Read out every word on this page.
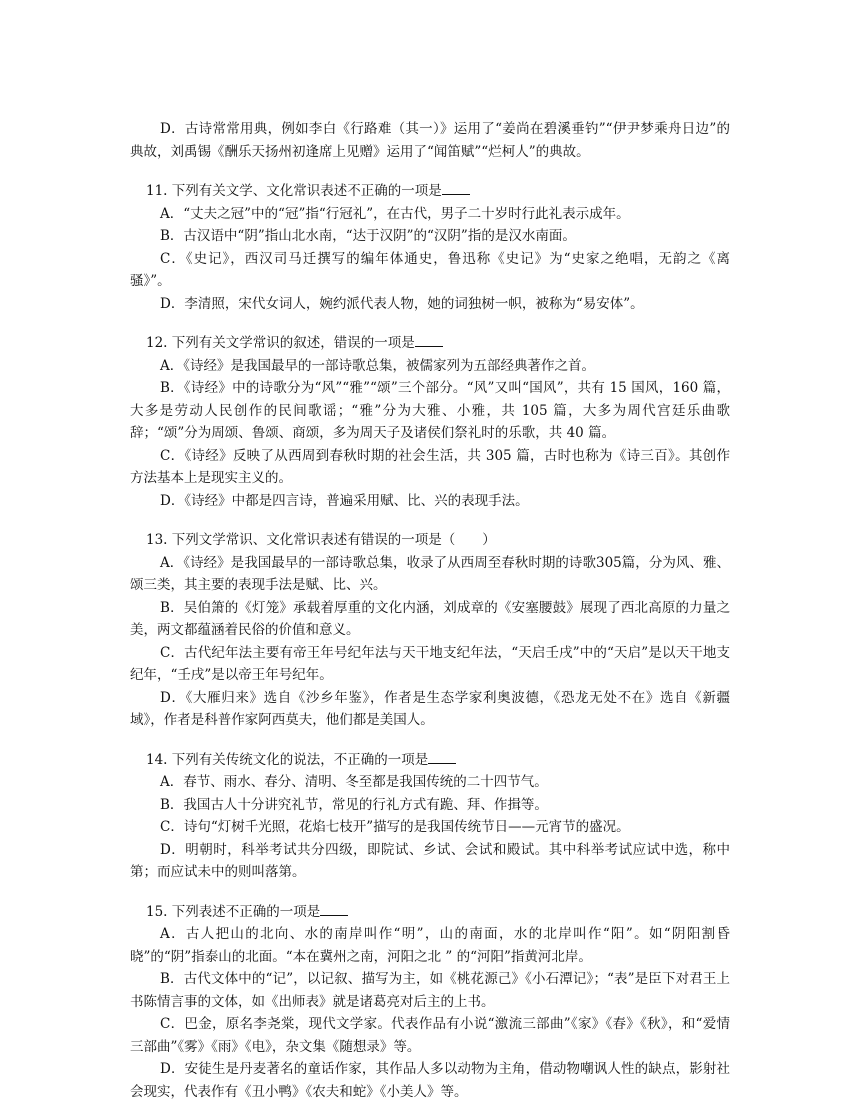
D．古诗常常用典，例如李白《行路难（其一）》运用了“姜尚在碧溪垂钓”“伊尹梦乘舟日边”的典故，刘禹锡《酬乐天扬州初逢席上见赠》运用了“闻笛赋”“烂柯人”的典故。

11. 下列有关文学、文化常识表述不正确的一项是

A．“丈夫之冠”中的“冠”指“行冠礼”，在古代，男子二十岁时行此礼表示成年。

B．古汉语中“阴”指山北水南，“达于汉阴”的“汉阴”指的是汉水南面。

C．《史记》，西汉司马迁撰写的编年体通史，鲁迅称《史记》为“史家之绝唱，无韵之《离骚》”。

D．李清照，宋代女词人，婉约派代表人物，她的词独树一帜，被称为“易安体”。

12. 下列有关文学常识的叙述，错误的一项是

A．《诗经》是我国最早的一部诗歌总集，被儒家列为五部经典著作之首。

B．《诗经》中的诗歌分为“风”“雅”“颂”三个部分。“风”又叫“国风”，共有 15 国风，160 篇，大多是劳动人民创作的民间歌谣；“雅”分为大雅、小雅，共 105 篇，大多为周代宫廷乐曲歌辞；“颂”分为周颂、鲁颂、商颂，多为周天子及诸侯们祭礼时的乐歌，共 40 篇。

C．《诗经》反映了从西周到春秋时期的社会生活，共 305 篇，古时也称为《诗三百》。其创作方法基本上是现实主义的。

D．《诗经》中都是四言诗，普遍采用赋、比、兴的表现手法。

13. 下列文学常识、文化常识表述有错误的一项是（　　）

A．《诗经》是我国最早的一部诗歌总集，收录了从西周至春秋时期的诗歌305篇，分为风、雅、颂三类，其主要的表现手法是赋、比、兴。

B．吴伯箫的《灯笼》承载着厚重的文化内涵，刘成章的《安塞腰鼓》展现了西北高原的力量之美，两文都蕴涵着民俗的价值和意义。

C．古代纪年法主要有帝王年号纪年法与天干地支纪年法，“天启壬戌”中的“天启”是以天干地支纪年，“壬戌”是以帝王年号纪年。

D．《大雁归来》选自《沙乡年鉴》，作者是生态学家利奥波德，《恐龙无处不在》选自《新疆域》，作者是科普作家阿西莫夫，他们都是美国人。

14. 下列有关传统文化的说法，不正确的一项是

A．春节、雨水、春分、清明、冬至都是我国传统的二十四节气。

B．我国古人十分讲究礼节，常见的行礼方式有跪、拜、作揖等。

C．诗句“灯树千光照，花焰七枝开”描写的是我国传统节日——元宵节的盛况。

D．明朝时，科举考试共分四级，即院试、乡试、会试和殿试。其中科举考试应试中选，称中第；而应试未中的则叫落第。

15. 下列表述不正确的一项是

A．古人把山的北向、水的南岸叫作“明”，山的南面，水的北岸叫作“阳”。如“阴阳割昏晓”的“阴”指泰山的北面。“本在冀州之南，河阳之北 ” 的“河阳”指黄河北岸。

B．古代文体中的“记”，以记叙、描写为主，如《桃花源己》《小石潭记》；“表”是臣下对君王上书陈情言事的文体，如《出师表》就是诸葛亮对后主的上书。

C．巴金，原名李尧棠，现代文学家。代表作品有小说“激流三部曲”《家》《春》《秋》，和“爱情三部曲”《雾》《雨》《电》，杂文集《随想录》等。

D．安徒生是丹麦著名的童话作家，其作品人多以动物为主角，借动物嘲讽人性的缺点，影射社会现实，代表作有《丑小鸭》《农夫和蛇》《小美人》等。
